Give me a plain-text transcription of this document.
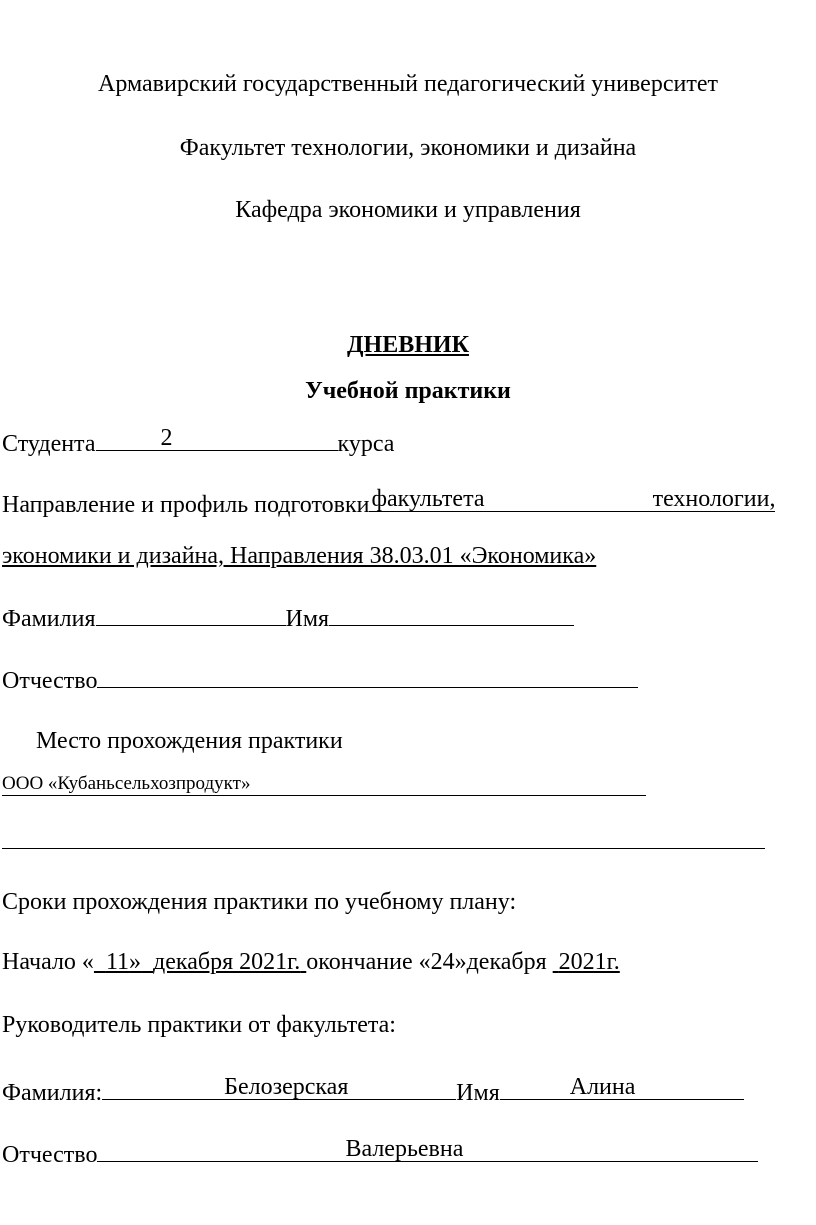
Армавирский государственный педагогический университет
Факультет технологии, экономики и дизайна
Кафедра экономики и управления
ДНЕВНИК
Учебной практики
Студента	2	курса
Направление и профиль подготовки факультета	технологии,
экономики и дизайна, Направления 38.03.01 «Экономика»
Фамилия	Имя
Отчество
Место прохождения практики
ООО «Кубаньсельхозпродукт»
Сроки прохождения практики по учебному плану:
Начало « 11» декабря 2021г. окончание «24»декабря 2021г.
Руководитель практики от факультета:
Фамилия:	Белозерская	Имя	Алина
Отчество	Валерьевна
